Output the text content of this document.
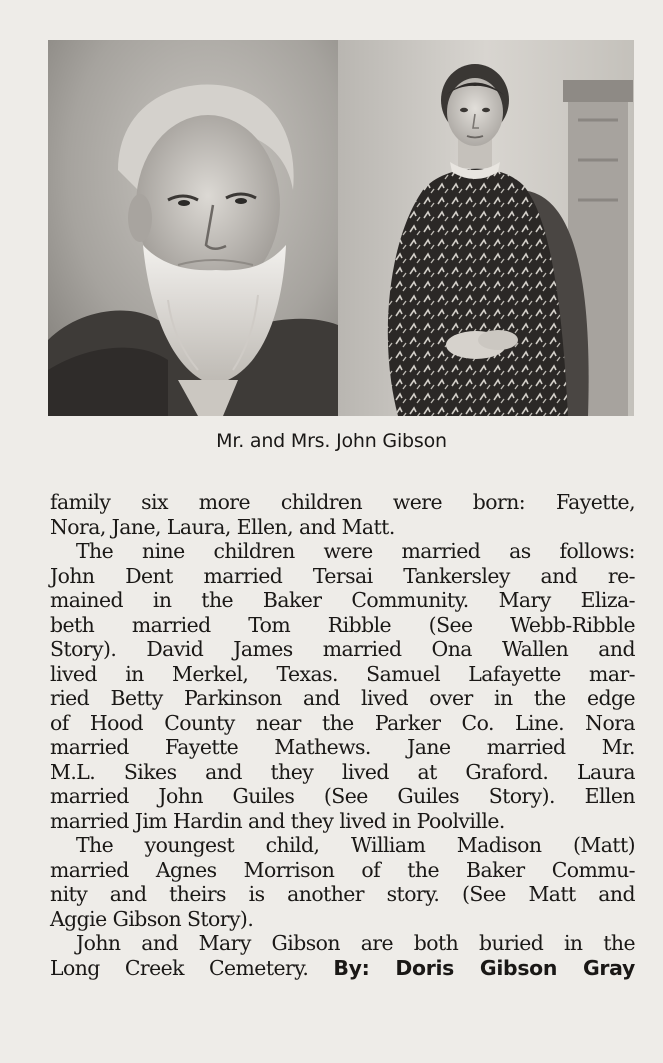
Mr. and Mrs. John Gibson
family six more children were born: Fayette,
Nora, Jane, Laura, Ellen, and Matt.
The nine children were married as follows:
John Dent married Tersai Tankersley and re-
mained in the Baker Community. Mary Eliza-
beth married Tom Ribble (See Webb-Ribble
Story). David James married Ona Wallen and
lived in Merkel, Texas. Samuel Lafayette mar-
ried Betty Parkinson and lived over in the edge
of Hood County near the Parker Co. Line. Nora
married Fayette Mathews. Jane married Mr.
M.L. Sikes and they lived at Graford. Laura
married John Guiles (See Guiles Story). Ellen
married Jim Hardin and they lived in Poolville.
The youngest child, William Madison (Matt)
married Agnes Morrison of the Baker Commu-
nity and theirs is another story. (See Matt and
Aggie Gibson Story).
John and Mary Gibson are both buried in the
Long Creek Cemetery. By: Doris Gibson Gray
